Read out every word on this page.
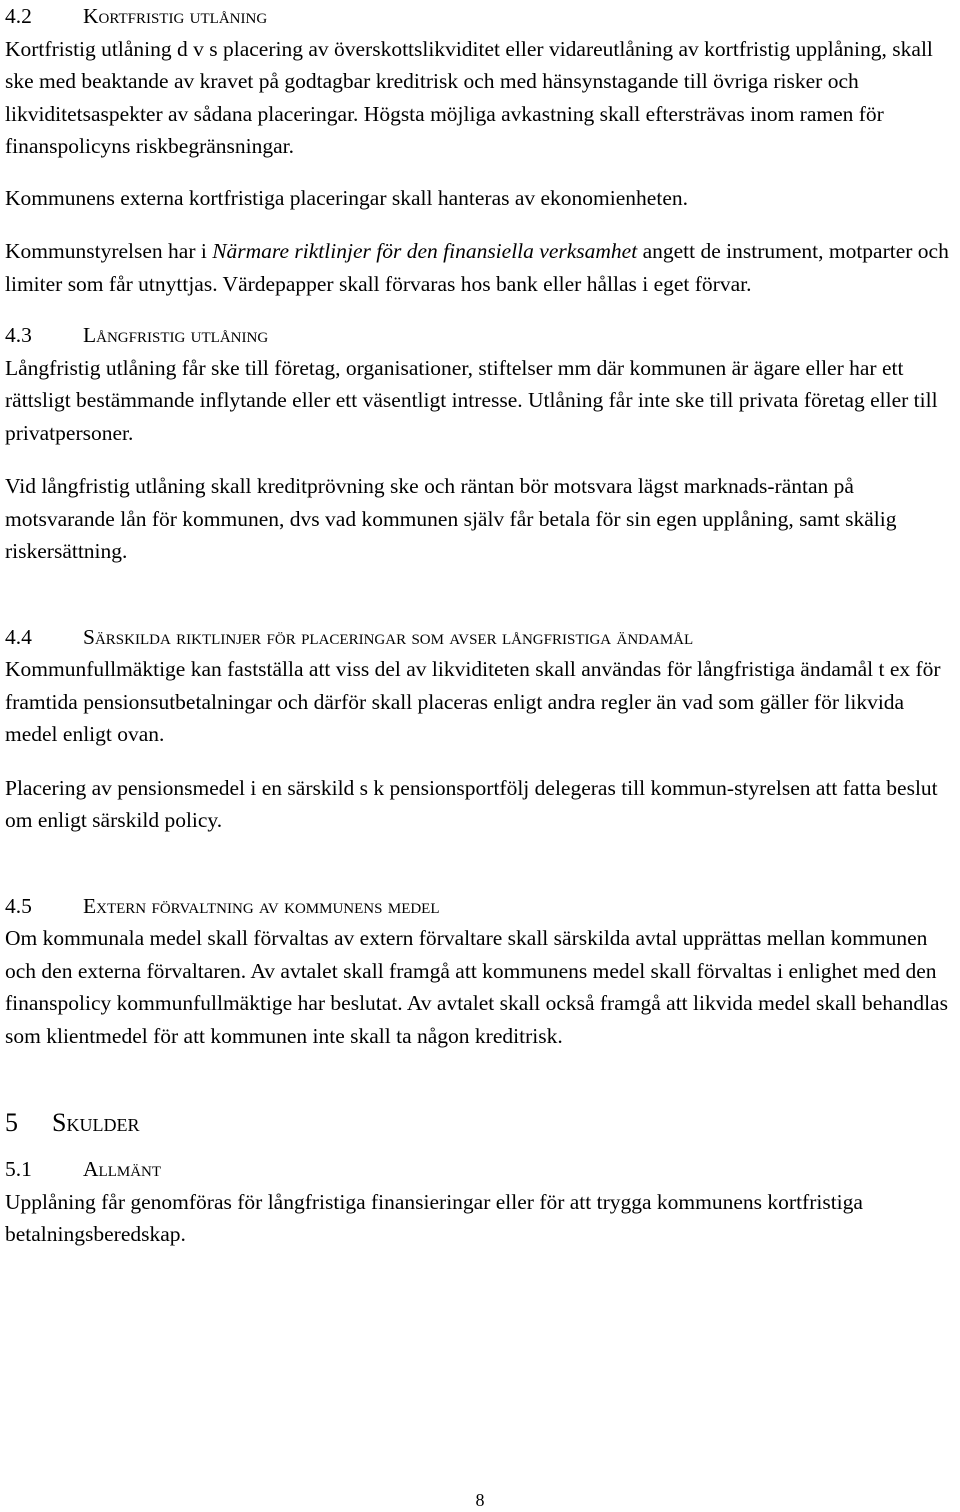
4.2	Kortfristig utlåning

Kortfristig utlåning d v s placering av överskottslikviditet eller vidareutlåning av kortfristig upplåning, skall ske med beaktande av kravet på godtagbar kreditrisk och med hänsynstagande till övriga risker och likviditetsaspekter av sådana placeringar. Högsta möjliga avkastning skall eftersträvas inom ramen för finanspolicyns riskbegränsningar.

Kommunens externa kortfristiga placeringar skall hanteras av ekonomienheten.

Kommunstyrelsen har i Närmare riktlinjer för den finansiella verksamhet angett de instrument, motparter och limiter som får utnyttjas. Värdepapper skall förvaras hos bank eller hållas i eget förvar.

4.3	Långfristig utlåning

Långfristig utlåning får ske till företag, organisationer, stiftelser mm där kommunen är ägare eller har ett rättsligt bestämmande inflytande eller ett väsentligt intresse. Utlåning får inte ske till privata företag eller till privatpersoner.

Vid långfristig utlåning skall kreditprövning ske och räntan bör motsvara lägst marknads-räntan på motsvarande lån för kommunen, dvs vad kommunen själv får betala för sin egen upplåning, samt skälig riskersättning.

4.4	Särskilda riktlinjer för placeringar som avser långfristiga ändamål

Kommunfullmäktige kan fastställa att viss del av likviditeten skall användas för långfristiga ändamål t ex för framtida pensionsutbetalningar och därför skall placeras enligt andra regler än vad som gäller för likvida medel enligt ovan.

Placering av pensionsmedel i en särskild s k pensionsportfölj delegeras till kommun-styrelsen att fatta beslut om enligt särskild policy.

4.5	Extern förvaltning av kommunens medel

Om kommunala medel skall förvaltas av extern förvaltare skall särskilda avtal upprättas mellan kommunen och den externa förvaltaren. Av avtalet skall framgå att kommunens medel skall förvaltas i enlighet med den finanspolicy kommunfullmäktige har beslutat. Av avtalet skall också framgå att likvida medel skall behandlas som klientmedel för att kommunen inte skall ta någon kreditrisk.

5	Skulder
5.1	Allmänt

Upplåning får genomföras för långfristiga finansieringar eller för att trygga kommunens kortfristiga betalningsberedskap.

8
